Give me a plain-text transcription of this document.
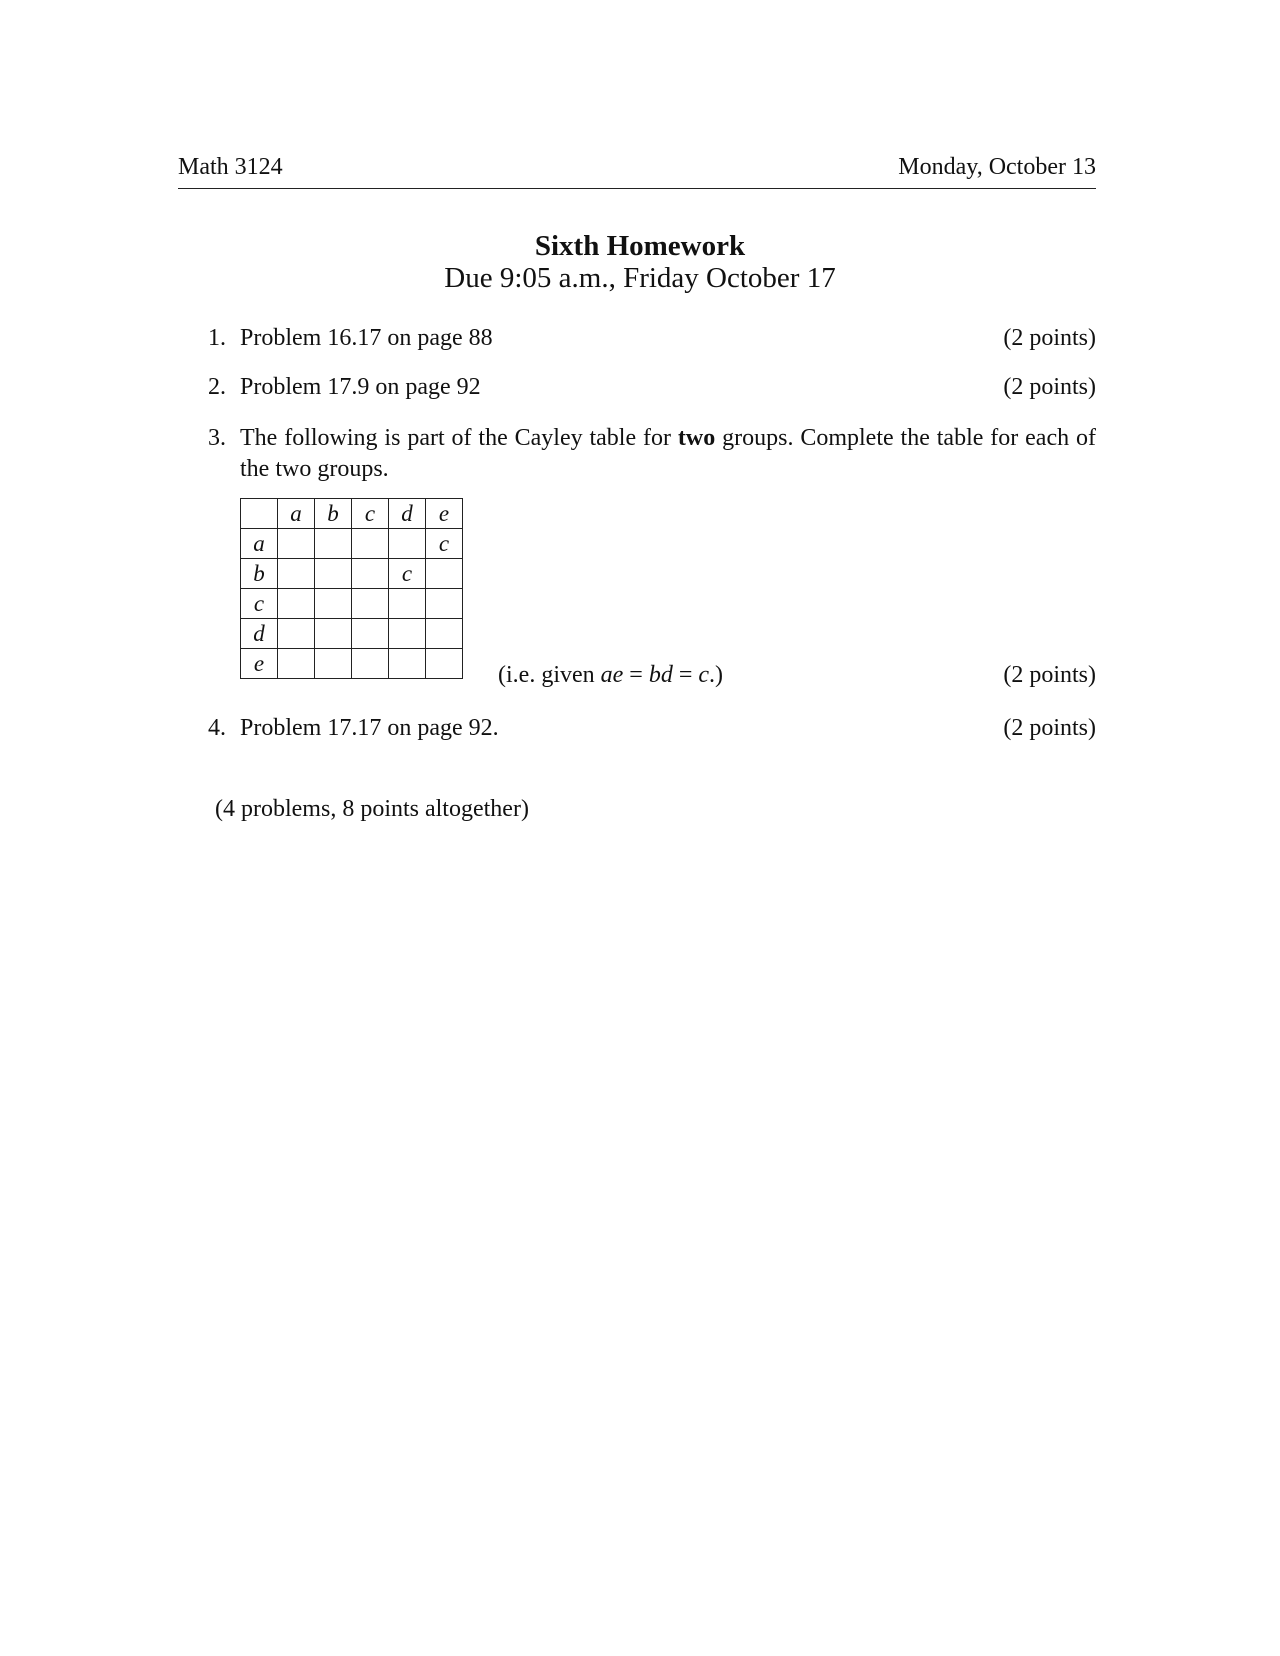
Math 3124	Monday, October 13
Sixth Homework
Due 9:05 a.m., Friday October 17
1. Problem 16.17 on page 88	(2 points)
2. Problem 17.9 on page 92	(2 points)
3. The following is part of the Cayley table for two groups. Complete the table for each of the two groups.
	a	b	c	d	e
a					c
b				c	
c					
d					
e						(i.e. given ae = bd = c.)	(2 points)
4. Problem 17.17 on page 92.	(2 points)
(4 problems, 8 points altogether)
